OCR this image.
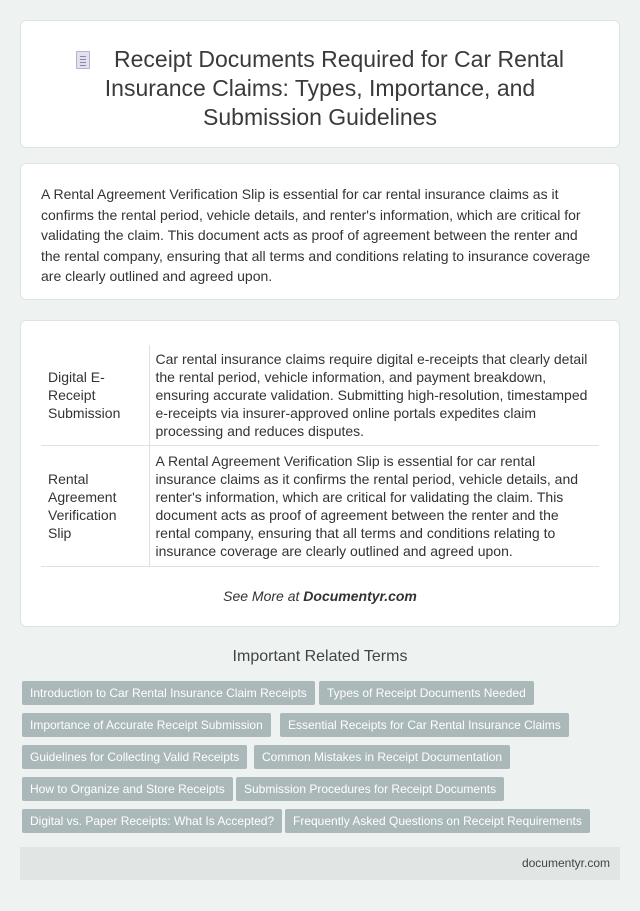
Receipt Documents Required for Car Rental Insurance Claims: Types, Importance, and Submission Guidelines

A Rental Agreement Verification Slip is essential for car rental insurance claims as it confirms the rental period, vehicle details, and renter's information, which are critical for validating the claim. This document acts as proof of agreement between the renter and the rental company, ensuring that all terms and conditions relating to insurance coverage are clearly outlined and agreed upon.

Digital E-Receipt Submission	Car rental insurance claims require digital e-receipts that clearly detail the rental period, vehicle information, and payment breakdown, ensuring accurate validation. Submitting high-resolution, timestamped e-receipts via insurer-approved online portals expedites claim processing and reduces disputes.
Rental Agreement Verification Slip	A Rental Agreement Verification Slip is essential for car rental insurance claims as it confirms the rental period, vehicle details, and renter's information, which are critical for validating the claim. This document acts as proof of agreement between the renter and the rental company, ensuring that all terms and conditions relating to insurance coverage are clearly outlined and agreed upon.
See More at Documentyr.com
Important Related Terms
Introduction to Car Rental Insurance Claim Receipts	Types of Receipt Documents Needed
Importance of Accurate Receipt Submission	Essential Receipts for Car Rental Insurance Claims
Guidelines for Collecting Valid Receipts	Common Mistakes in Receipt Documentation
How to Organize and Store Receipts	Submission Procedures for Receipt Documents
Digital vs. Paper Receipts: What Is Accepted?	Frequently Asked Questions on Receipt Requirements
documentyr.com
